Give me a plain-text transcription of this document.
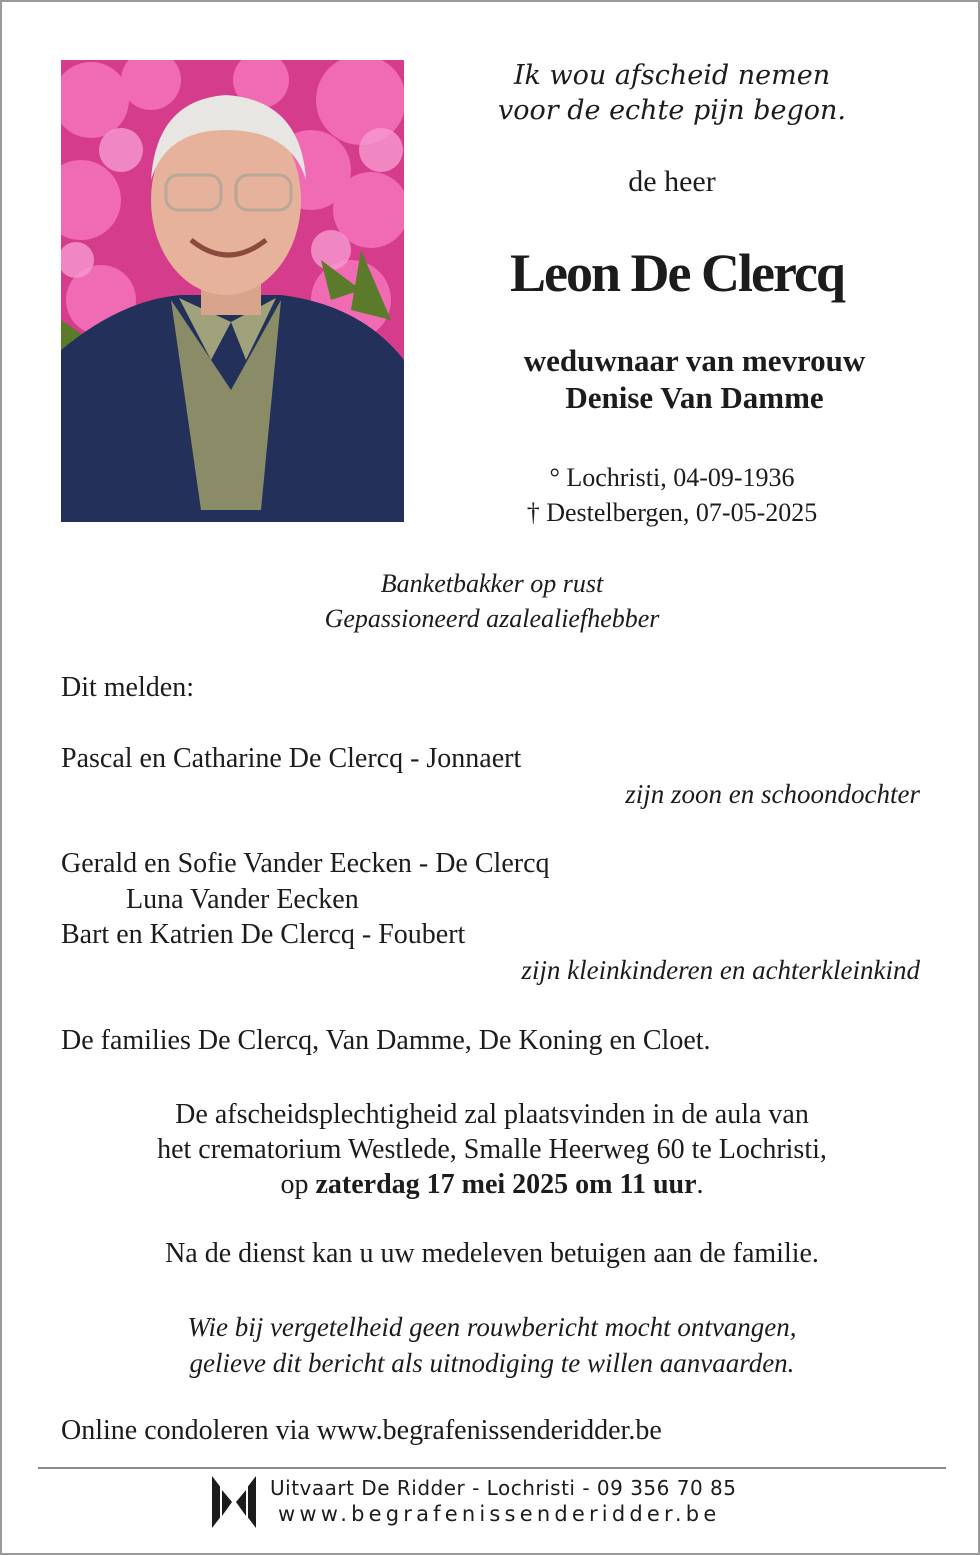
Ik wou afscheid nemen
voor de echte pijn begon.
de heer
Leon De Clercq
weduwnaar van mevrouw
Denise Van Damme
° Lochristi, 04-09-1936
† Destelbergen, 07-05-2025
Banketbakker op rust
Gepassioneerd azalealiefhebber
Dit melden:
Pascal en Catharine De Clercq - Jonnaert
zijn zoon en schoondochter
Gerald en Sofie Vander Eecken - De Clercq
Luna Vander Eecken
Bart en Katrien De Clercq - Foubert
zijn kleinkinderen en achterkleinkind
De families De Clercq, Van Damme, De Koning en Cloet.
De afscheidsplechtigheid zal plaatsvinden in de aula van
het crematorium Westlede, Smalle Heerweg 60 te Lochristi,
op zaterdag 17 mei 2025 om 11 uur.
Na de dienst kan u uw medeleven betuigen aan de familie.
Wie bij vergetelheid geen rouwbericht mocht ontvangen,
gelieve dit bericht als uitnodiging te willen aanvaarden.
Online condoleren via www.begrafenissenderidder.be
Uitvaart De Ridder - Lochristi - 09 356 70 85
www.begrafenissenderidder.be
